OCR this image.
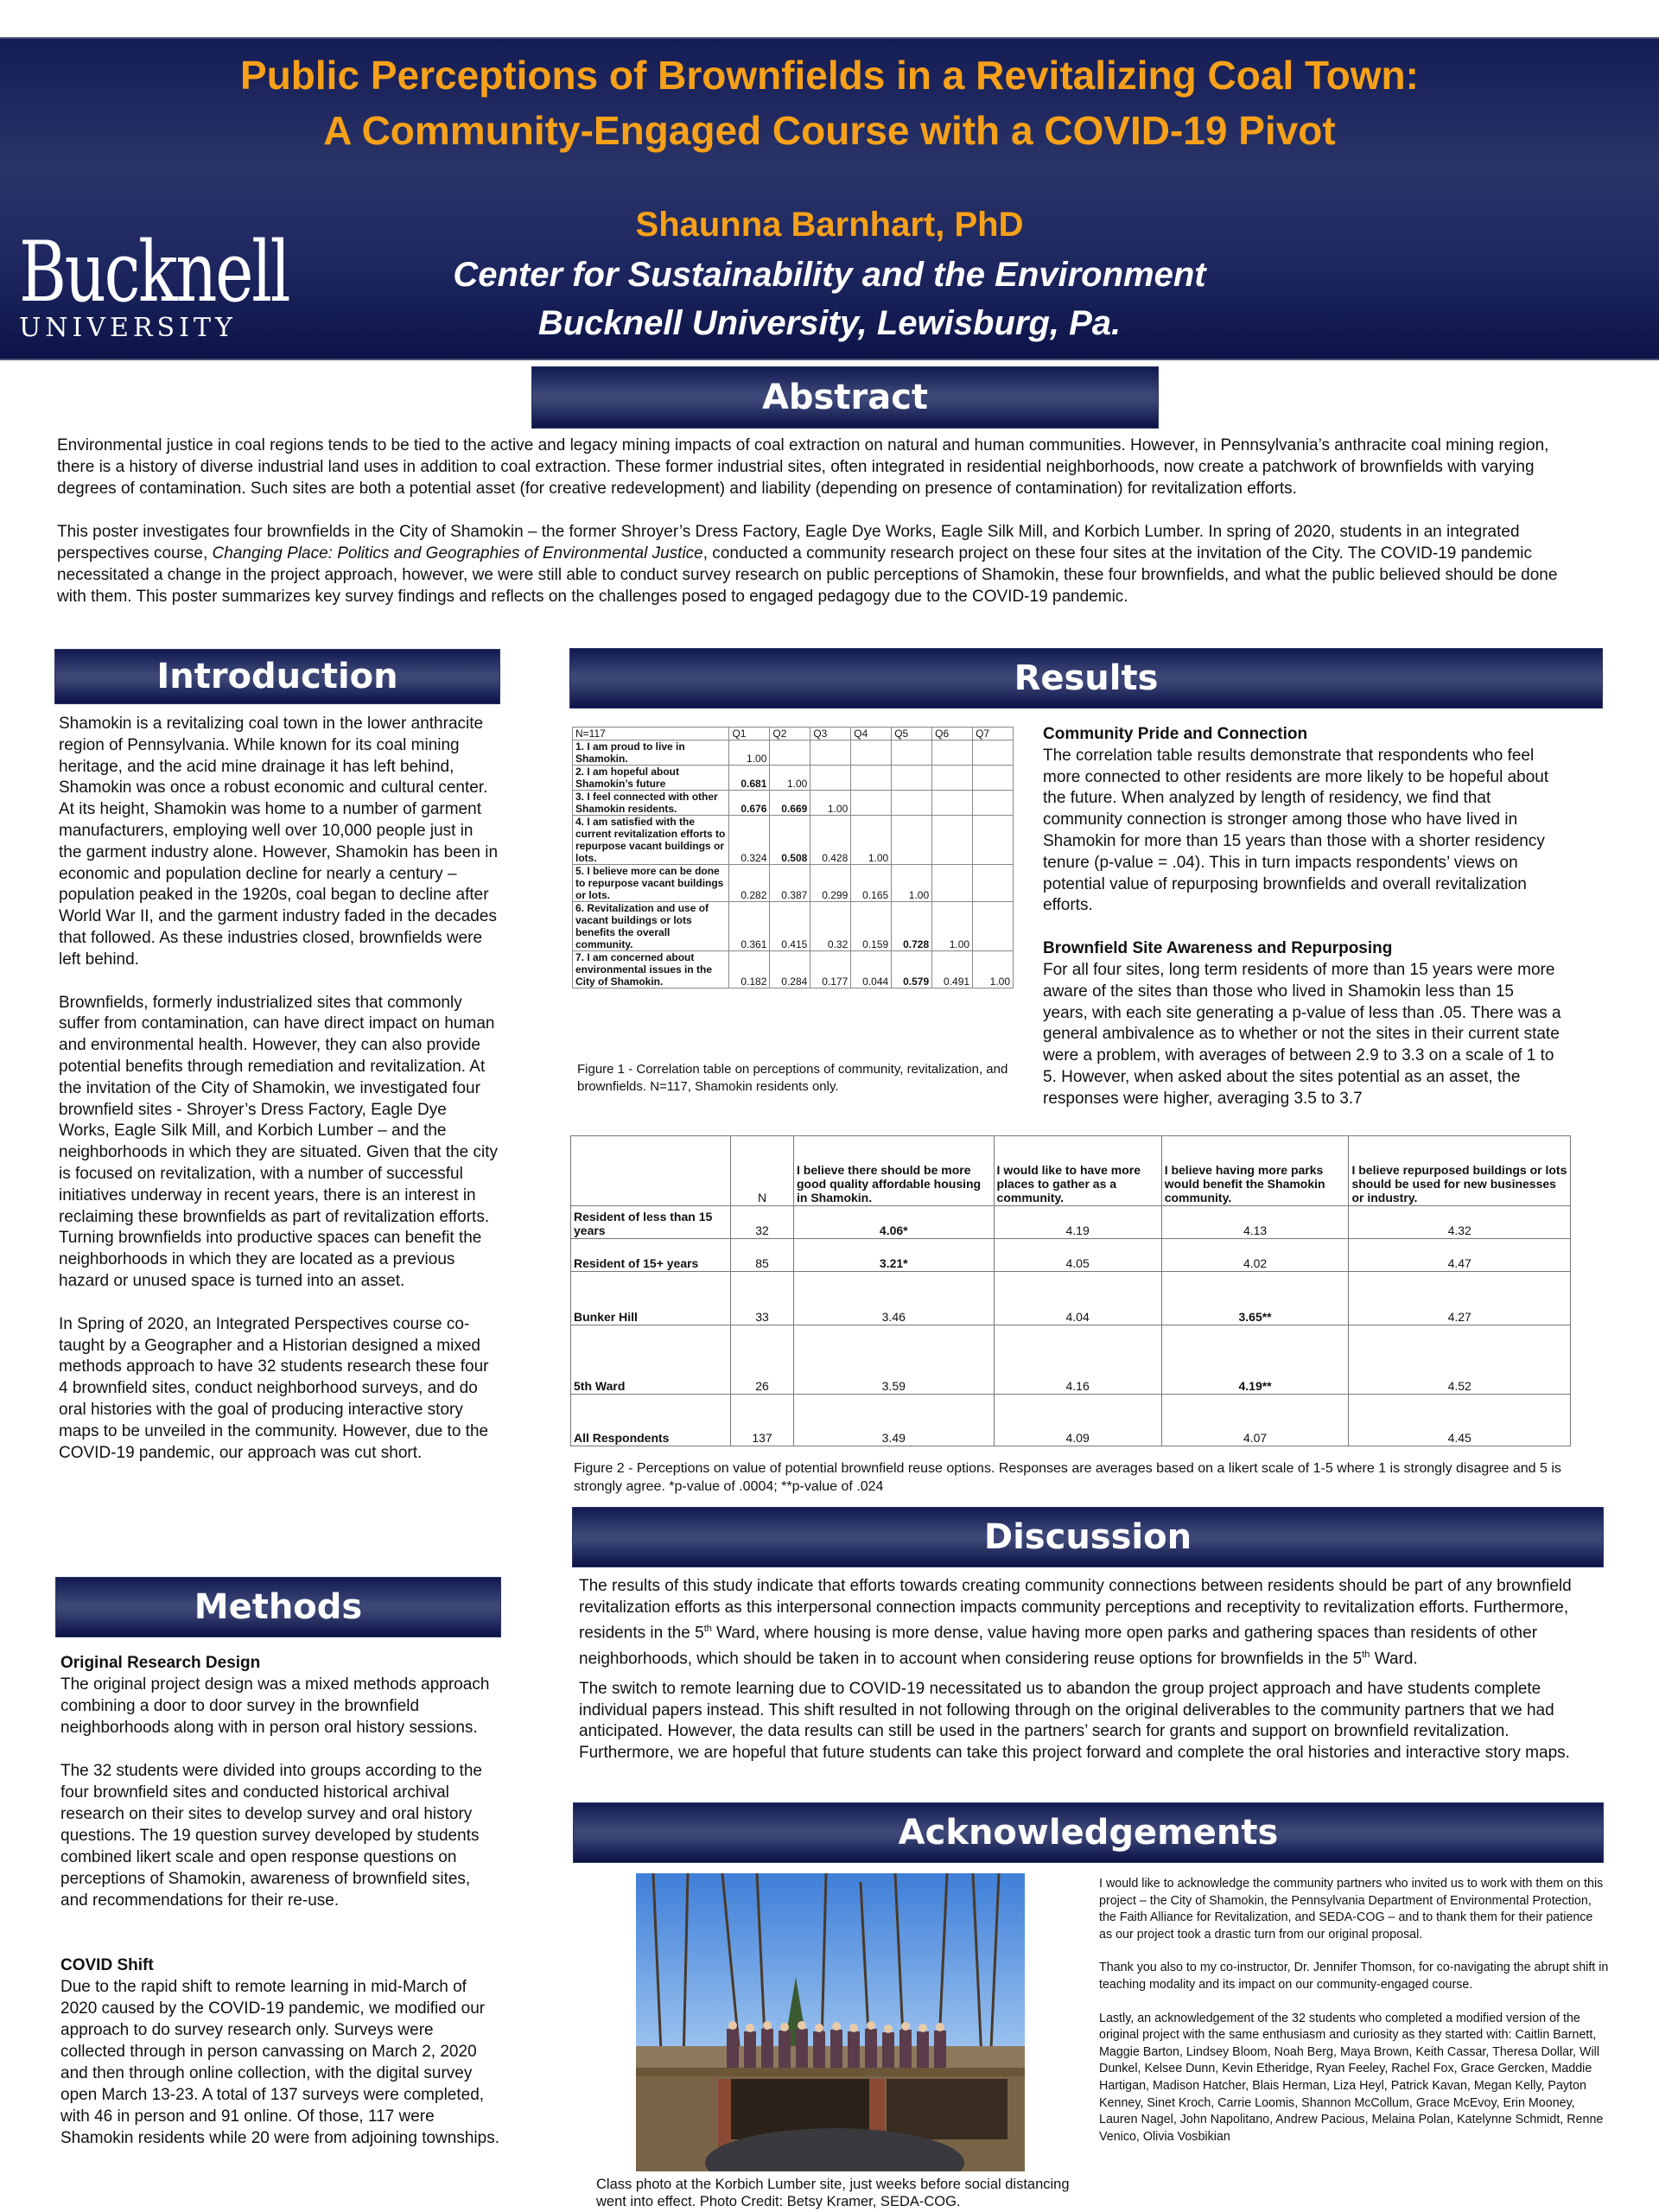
Public Perceptions of Brownfields in a Revitalizing Coal Town:
A Community-Engaged Course with a COVID-19 Pivot
Shaunna Barnhart, PhD
Center for Sustainability and the Environment
Bucknell University, Lewisburg, Pa.
Bucknell
UNIVERSITY
Abstract

Environmental justice in coal regions tends to be tied to the active and legacy mining impacts of coal extraction on natural and human communities. However, in Pennsylvania’s anthracite coal mining region, there is a history of diverse industrial land uses in addition to coal extraction. These former industrial sites, often integrated in residential neighborhoods, now create a patchwork of brownfields with varying degrees of contamination. Such sites are both a potential asset (for creative redevelopment) and liability (depending on presence of contamination) for revitalization efforts.

This poster investigates four brownfields in the City of Shamokin – the former Shroyer’s Dress Factory, Eagle Dye Works, Eagle Silk Mill, and Korbich Lumber. In spring of 2020, students in an integrated perspectives course, Changing Place: Politics and Geographies of Environmental Justice, conducted a community research project on these four sites at the invitation of the City. The COVID-19 pandemic necessitated a change in the project approach, however, we were still able to conduct survey research on public perceptions of Shamokin, these four brownfields, and what the public believed should be done with them. This poster summarizes key survey findings and reflects on the challenges posed to engaged pedagogy due to the COVID-19 pandemic.

Introduction

Shamokin is a revitalizing coal town in the lower anthracite region of Pennsylvania. While known for its coal mining heritage, and the acid mine drainage it has left behind, Shamokin was once a robust economic and cultural center. At its height, Shamokin was home to a number of garment manufacturers, employing well over 10,000 people just in the garment industry alone. However, Shamokin has been in economic and population decline for nearly a century – population peaked in the 1920s, coal began to decline after World War II, and the garment industry faded in the decades that followed. As these industries closed, brownfields were left behind.

Brownfields, formerly industrialized sites that commonly suffer from contamination, can have direct impact on human and environmental health. However, they can also provide potential benefits through remediation and revitalization. At the invitation of the City of Shamokin, we investigated four brownfield sites - Shroyer’s Dress Factory, Eagle Dye Works, Eagle Silk Mill, and Korbich Lumber – and the neighborhoods in which they are situated. Given that the city is focused on revitalization, with a number of successful initiatives underway in recent years, there is an interest in reclaiming these brownfields as part of revitalization efforts. Turning brownfields into productive spaces can benefit the neighborhoods in which they are located as a previous hazard or unused space is turned into an asset.

In Spring of 2020, an Integrated Perspectives course co-taught by a Geographer and a Historian designed a mixed methods approach to have 32 students research these four 4 brownfield sites, conduct neighborhood surveys, and do oral histories with the goal of producing interactive story maps to be unveiled in the community. However, due to the COVID-19 pandemic, our approach was cut short.

Methods
Original Research Design

The original project design was a mixed methods approach combining a door to door survey in the brownfield neighborhoods along with in person oral history sessions.

The 32 students were divided into groups according to the four brownfield sites and conducted historical archival research on their sites to develop survey and oral history questions. The 19 question survey developed by students combined likert scale and open response questions on perceptions of Shamokin, awareness of brownfield sites, and recommendations for their re-use.

COVID Shift

Due to the rapid shift to remote learning in mid-March of 2020 caused by the COVID-19 pandemic, we modified our approach to do survey research only. Surveys were collected through in person canvassing on March 2, 2020 and then through online collection, with the digital survey open March 13-23. A total of 137 surveys were completed, with 46 in person and 91 online. Of those, 117 were Shamokin residents while 20 were from adjoining townships.

Results
N=117	Q1	Q2	Q3	Q4	Q5	Q6	Q7
1. I am proud to live in Shamokin.	1.00						
2. I am hopeful about Shamokin’s future	0.681	1.00					
3. I feel connected with other Shamokin residents.	0.676	0.669	1.00				
4. I am satisfied with the current revitalization efforts to repurpose vacant buildings or lots.	0.324	0.508	0.428	1.00			
5. I believe more can be done to repurpose vacant buildings or lots.	0.282	0.387	0.299	0.165	1.00		
6. Revitalization and use of vacant buildings or lots benefits the overall community.	0.361	0.415	0.32	0.159	0.728	1.00	
7. I am concerned about environmental issues in the City of Shamokin.	0.182	0.284	0.177	0.044	0.579	0.491	1.00
Figure 1 - Correlation table on perceptions of community, revitalization, and brownfields. N=117, Shamokin residents only.
Community Pride and Connection

The correlation table results demonstrate that respondents who feel more connected to other residents are more likely to be hopeful about the future. When analyzed by length of residency, we find that community connection is stronger among those who have lived in Shamokin for more than 15 years than those with a shorter residency tenure (p-value = .04). This in turn impacts respondents’ views on potential value of repurposing brownfields and overall revitalization efforts.

Brownfield Site Awareness and Repurposing

For all four sites, long term residents of more than 15 years were more aware of the sites than those who lived in Shamokin less than 15 years, with each site generating a p-value of less than .05. There was a general ambivalence as to whether or not the sites in their current state were a problem, with averages of between 2.9 to 3.3 on a scale of 1 to 5. However, when asked about the sites potential as an asset, the responses were higher, averaging 3.5 to 3.7

	N	I believe there should be more good quality affordable housing in Shamokin.	I would like to have more places to gather as a community.	I believe having more parks would benefit the Shamokin community.	I believe repurposed buildings or lots should be used for new businesses or industry.
Resident of less than 15 years	32	4.06*	4.19	4.13	4.32
Resident of 15+ years	85	3.21*	4.05	4.02	4.47
Bunker Hill	33	3.46	4.04	3.65**	4.27
5th Ward	26	3.59	4.16	4.19**	4.52
All Respondents	137	3.49	4.09	4.07	4.45
Figure 2 - Perceptions on value of potential brownfield reuse options. Responses are averages based on a likert scale of 1-5 where 1 is strongly disagree and 5 is strongly agree. *p-value of .0004; **p-value of .024
Discussion

The results of this study indicate that efforts towards creating community connections between residents should be part of any brownfield revitalization efforts as this interpersonal connection impacts community perceptions and receptivity to revitalization efforts. Furthermore, residents in the 5th Ward, where housing is more dense, value having more open parks and gathering spaces than residents of other neighborhoods, which should be taken in to account when considering reuse options for brownfields in the 5th Ward.

The switch to remote learning due to COVID-19 necessitated us to abandon the group project approach and have students complete individual papers instead. This shift resulted in not following through on the original deliverables to the community partners that we had anticipated. However, the data results can still be used in the partners’ search for grants and support on brownfield revitalization. Furthermore, we are hopeful that future students can take this project forward and complete the oral histories and interactive story maps.

Acknowledgements
Class photo at the Korbich Lumber site, just weeks before social distancing went into effect. Photo Credit: Betsy Kramer, SEDA-COG.

I would like to acknowledge the community partners who invited us to work with them on this project – the City of Shamokin, the Pennsylvania Department of Environmental Protection, the Faith Alliance for Revitalization, and SEDA-COG – and to thank them for their patience as our project took a drastic turn from our original proposal.

Thank you also to my co-instructor, Dr. Jennifer Thomson, for co-navigating the abrupt shift in teaching modality and its impact on our community-engaged course.

Lastly, an acknowledgement of the 32 students who completed a modified version of the original project with the same enthusiasm and curiosity as they started with: Caitlin Barnett, Maggie Barton, Lindsey Bloom, Noah Berg, Maya Brown, Keith Cassar, Theresa Dollar, Will Dunkel, Kelsee Dunn, Kevin Etheridge, Ryan Feeley, Rachel Fox, Grace Gercken, Maddie Hartigan, Madison Hatcher, Blais Herman, Liza Heyl, Patrick Kavan, Megan Kelly, Payton Kenney, Sinet Kroch, Carrie Loomis, Shannon McCollum, Grace McEvoy, Erin Mooney, Lauren Nagel, John Napolitano, Andrew Pacious, Melaina Polan, Katelynne Schmidt, Renne Venico, Olivia Vosbikian
